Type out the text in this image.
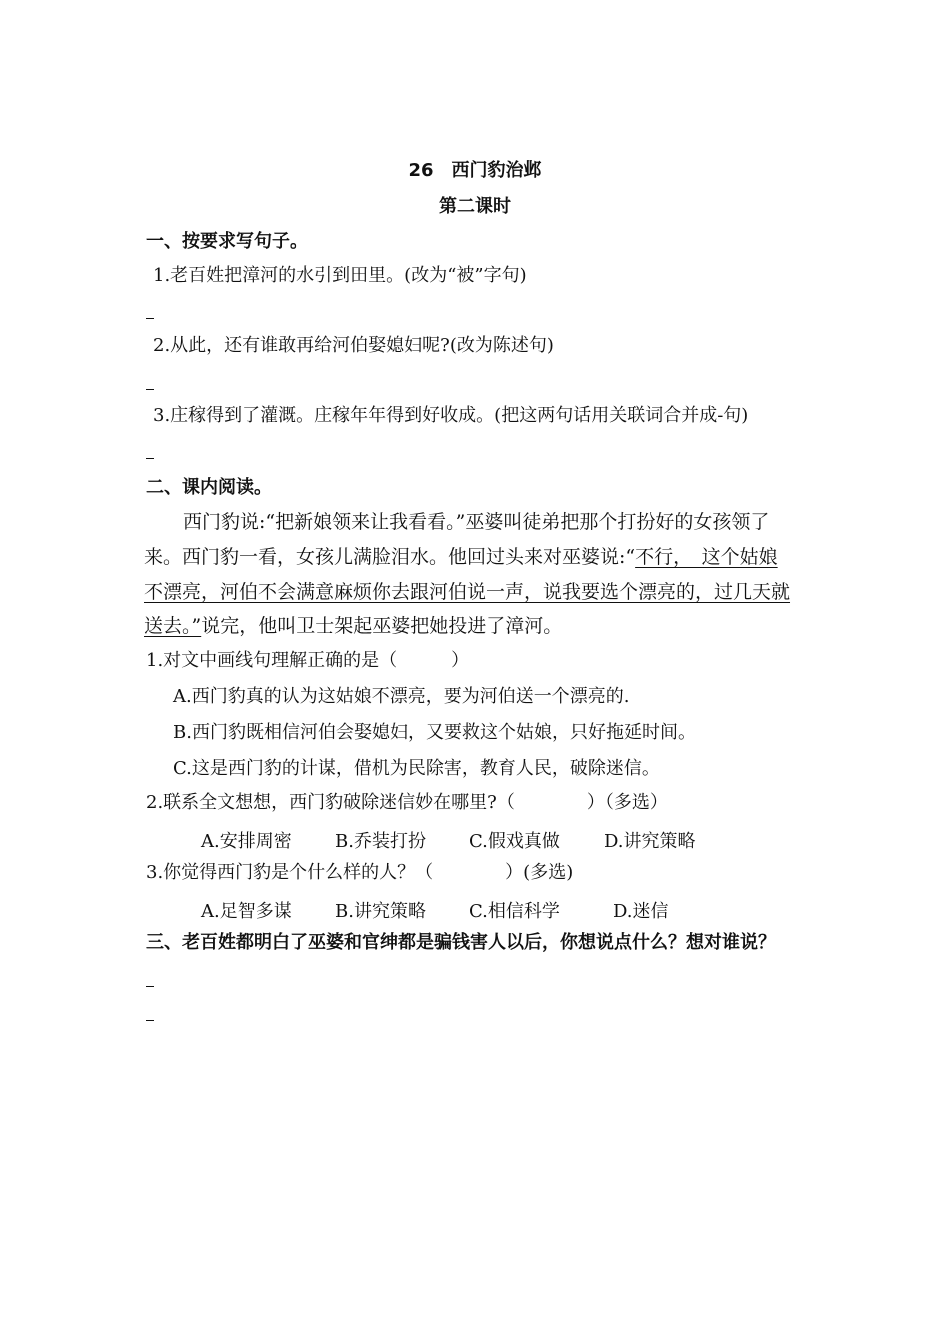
26　西门豹治邺
第二课时
一、按要求写句子。
1.老百姓把漳河的水引到田里。(改为“被”字句)
2.从此，还有谁敢再给河伯娶媳妇呢?(改为陈述句)
3.庄稼得到了灌溉。庄稼年年得到好收成。(把这两句话用关联词合并成-句)
二、课内阅读。
西门豹说:“把新娘领来让我看看。”巫婆叫徒弟把那个打扮好的女孩领了
来。西门豹一看，女孩儿满脸泪水。他回过头来对巫婆说:“不行，　这个姑娘
不漂亮，河伯不会满意麻烦你去跟河伯说一声，说我要选个漂亮的，过几天就
送去。”说完，他叫卫士架起巫婆把她投进了漳河。
1.对文中画线句理解正确的是（　　　）
A.西门豹真的认为这姑娘不漂亮，要为河伯送一个漂亮的.
B.西门豹既相信河伯会娶媳妇，又要救这个姑娘，只好拖延时间。
C.这是西门豹的计谋，借机为民除害，教育人民，破除迷信。
2.联系全文想想，西门豹破除迷信妙在哪里?（　　　　）（多选）
A.安排周密 B.乔装打扮 C.假戏真做 D.讲究策略
3.你觉得西门豹是个什么样的人？（　　　　）(多选)
A.足智多谋 B.讲究策略 C.相信科学	D.迷信
三、老百姓都明白了巫婆和官绅都是骗钱害人以后，你想说点什么？想对谁说？
